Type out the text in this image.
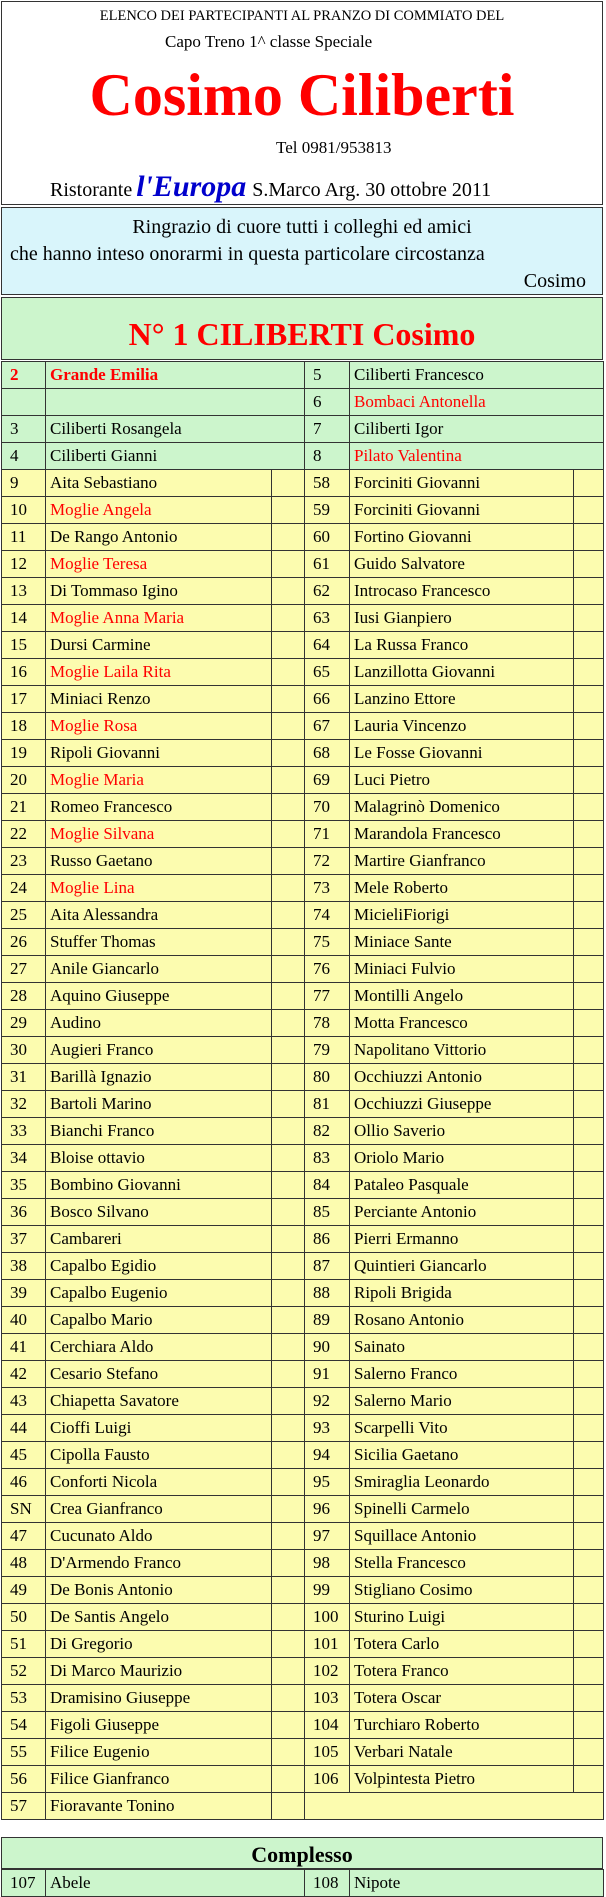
ELENCO DEI PARTECIPANTI AL PRANZO DI COMMIATO DEL
Capo Treno 1^ classe Speciale
Cosimo Ciliberti
Tel 0981/953813
Ristorante l'Europa S.Marco Arg. 30 ottobre 2011
Ringrazio di cuore tutti i colleghi ed amici
che hanno inteso onorarmi in questa particolare circostanza
Cosimo
N° 1 CILIBERTI Cosimo
2	Grande Emilia		5	Ciliberti Francesco	
			6	Bombaci Antonella	
3	Ciliberti Rosangela		7	Ciliberti Igor	
4	Ciliberti Gianni		8	Pilato Valentina	
9	Aita Sebastiano		58	Forciniti Giovanni	
10	Moglie Angela		59	Forciniti Giovanni	
11	De Rango Antonio		60	Fortino Giovanni	
12	Moglie Teresa		61	Guido Salvatore	
13	Di Tommaso Igino		62	Introcaso Francesco	
14	Moglie Anna Maria		63	Iusi Gianpiero	
15	Dursi Carmine		64	La Russa Franco	
16	Moglie Laila Rita		65	Lanzillotta Giovanni	
17	Miniaci Renzo		66	Lanzino Ettore	
18	Moglie Rosa		67	Lauria Vincenzo	
19	Ripoli Giovanni		68	Le Fosse Giovanni	
20	Moglie Maria		69	Luci Pietro	
21	Romeo Francesco		70	Malagrinò Domenico	
22	Moglie Silvana		71	Marandola Francesco	
23	Russo Gaetano		72	Martire Gianfranco	
24	Moglie Lina		73	Mele Roberto	
25	Aita Alessandra		74	MicieliFiorigi	
26	Stuffer Thomas		75	Miniace Sante	
27	Anile Giancarlo		76	Miniaci Fulvio	
28	Aquino Giuseppe		77	Montilli Angelo	
29	Audino		78	Motta Francesco	
30	Augieri Franco		79	Napolitano Vittorio	
31	Barillà Ignazio		80	Occhiuzzi Antonio	
32	Bartoli Marino		81	Occhiuzzi Giuseppe	
33	Bianchi Franco		82	Ollio Saverio	
34	Bloise ottavio		83	Oriolo Mario	
35	Bombino Giovanni		84	Pataleo Pasquale	
36	Bosco Silvano		85	Perciante Antonio	
37	Cambareri		86	Pierri Ermanno	
38	Capalbo Egidio		87	Quintieri Giancarlo	
39	Capalbo Eugenio		88	Ripoli Brigida	
40	Capalbo Mario		89	Rosano Antonio	
41	Cerchiara Aldo		90	Sainato	
42	Cesario Stefano		91	Salerno Franco	
43	Chiapetta Savatore		92	Salerno Mario	
44	Cioffi Luigi		93	Scarpelli Vito	
45	Cipolla Fausto		94	Sicilia Gaetano	
46	Conforti Nicola		95	Smiraglia Leonardo	
SN	Crea Gianfranco		96	Spinelli Carmelo	
47	Cucunato Aldo		97	Squillace Antonio	
48	D'Armendo Franco		98	Stella Francesco	
49	De Bonis Antonio		99	Stigliano Cosimo	
50	De Santis Angelo		100	Sturino Luigi	
51	Di Gregorio		101	Totera Carlo	
52	Di Marco Maurizio		102	Totera Franco	
53	Dramisino Giuseppe		103	Totera Oscar	
54	Figoli Giuseppe		104	Turchiaro Roberto	
55	Filice Eugenio		105	Verbari Natale	
56	Filice Gianfranco		106	Volpintesta Pietro	
57	Fioravante Tonino				
Complesso
107	Abele	108	Nipote
